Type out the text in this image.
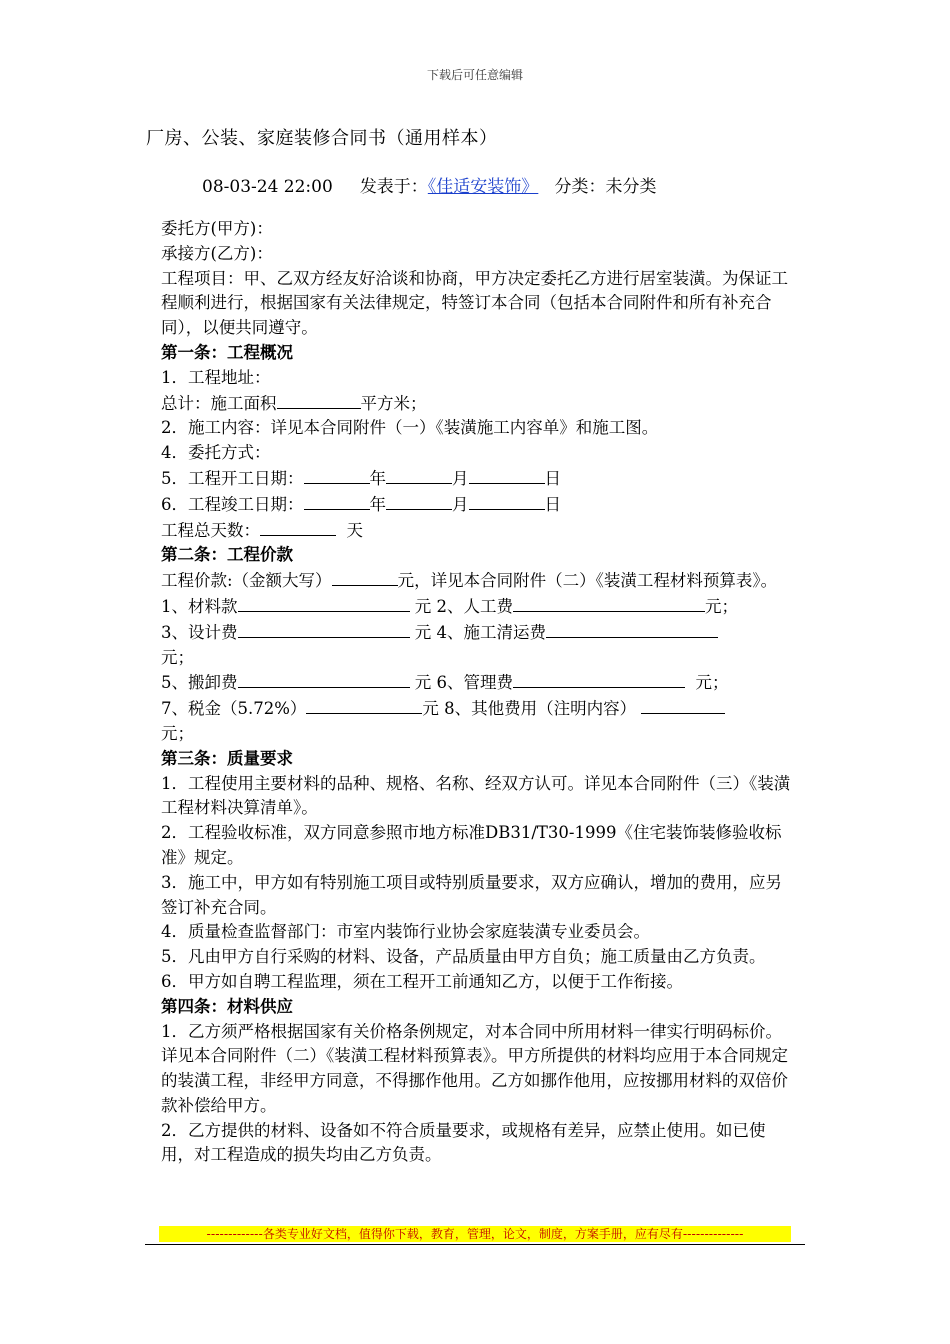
下载后可任意编辑
厂房、公装、家庭装修合同书（通用样本）
08-03-24 22:00 发表于：《佳适安装饰》 分类：未分类

委托方(甲方)：

承接方(乙方)：

工程项目：甲、乙双方经友好洽谈和协商，甲方决定委托乙方进行居室装潢。为保证工程顺利进行，根据国家有关法律规定，特签订本合同（包括本合同附件和所有补充合同），以便共同遵守。

第一条：工程概况

1．工程地址：

总计：施工面积	平方米；

2．施工内容：详见本合同附件（一）《装潢施工内容单》和施工图。

4．委托方式：

5．工程开工日期：	年	月	日

6．工程竣工日期：	年	月	日

工程总天数：	天

第二条：工程价款

工程价款:（金额大写）	元，详见本合同附件（二）《装潢工程材料预算表》。

1、材料款	元 2、人工费	元；

3、设计费	元 4、施工清运费
元；

5、搬卸费	元 6、管理费	元；

7、税金（5.72%）	元 8、其他费用（注明内容）
元；

第三条：质量要求

1．工程使用主要材料的品种、规格、名称、经双方认可。详见本合同附件（三）《装潢工程材料决算清单》。

2．工程验收标准，双方同意参照市地方标准DB31/T30-1999《住宅装饰装修验收标准》规定。

3．施工中，甲方如有特别施工项目或特别质量要求，双方应确认，增加的费用，应另签订补充合同。

4．质量检查监督部门：市室内装饰行业协会家庭装潢专业委员会。

5．凡由甲方自行采购的材料、设备，产品质量由甲方自负；施工质量由乙方负责。

6．甲方如自聘工程监理，须在工程开工前通知乙方，以便于工作衔接。

第四条：材料供应

1．乙方须严格根据国家有关价格条例规定，对本合同中所用材料一律实行明码标价。详见本合同附件（二）《装潢工程材料预算表》。甲方所提供的材料均应用于本合同规定的装潢工程，非经甲方同意，不得挪作他用。乙方如挪作他用，应按挪用材料的双倍价款补偿给甲方。

2．乙方提供的材料、设备如不符合质量要求，或规格有差异，应禁止使用。如已使用，对工程造成的损失均由乙方负责。

-------------各类专业好文档，值得你下载，教育，管理，论文，制度，方案手册，应有尽有--------------
